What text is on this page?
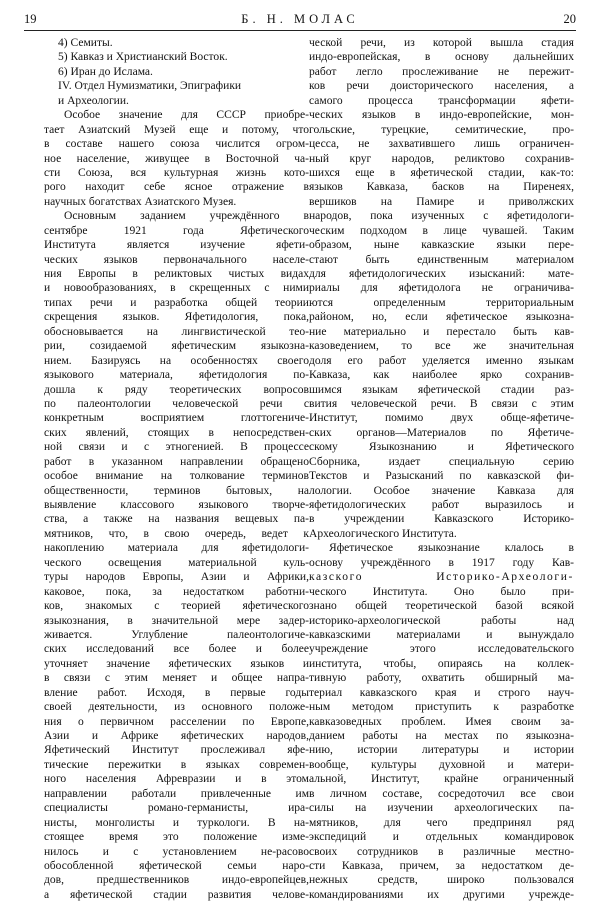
19	Б. Н. МОЛАС	20
4) Семиты.
5) Кавказ и Христианский Восток.
6) Иран до Ислама.
IV. Отдел Нумизматики, Эпиграфики
и Археологии.
Особое значение для СССР приобре-
тает Азиатский Музей еще и потому, что
в составе нашего союза числится огром-
ное население, живущее в Восточной ча-
сти Союза, вся культурная жизнь кото-
рого находит себе ясное отражение в
научных богатствах Азиатского Музея.
Основным заданием учреждённого в
сентябре 1921 года Яфетического
Института является изучение яфети-
ческих языков первоначального населе-
ния Европы в реликтовых чистых видах
и новообразованиях, в скрещенных с ними
типах речи и разработка общей теории
скрещения языков. Яфетидология, пока,
обосновывается на лингвистической тео-
рии, созидаемой яфетическим языкозна-
нием. Базируясь на особенностях своего
языкового материала, яфетидология по-
дошла к ряду теоретических вопросов
по палеонтологии человеческой речи с
конкретным восприятием глоттогениче-
ских явлений, стоящих в непосредствен-
ной связи и с этногенией. В процессе
работ в указанном направлении обращено
особое внимание на толкование терминов
общественности, терминов бытовых, на
выявление классового языкового творче-
ства, а также на названия вещевых па-
мятников, что, в свою очередь, ведет к
накоплению материала для яфетидологи-
ческого освещения материальной куль-
туры народов Европы, Азии и Африки,
каковое, пока, за недостатком работни-
ков, знакомых с теорией яфетического
языкознания, в значительной мере задер-
живается. Углубление палеонтологиче-
ских исследований все более и более
уточняет значение яфетических языков и
в связи с этим меняет и общее напра-
вление работ. Исходя, в первые годы
своей деятельности, из основного положе-
ния о первичном расселении по Европе,
Азии и Африке яфетических народов,
Яфетический Институт прослеживал яфе-
тические пережитки в языках современ-
ного населения Афревразии и в этом
направлении работали привлеченные им
специалисты романо-германисты, ира-
нисты, монголисты и туркологи. В на-
стоящее время это положение изме-
нилось и с установлением не-расово
обособленной яфетической семьи наро-
дов, предшественников индо-европейцев,
а яфетической стадии развития челове-
ческой речи, из которой вышла стадия
индо-европейская, в основу дальнейших
работ легло прослеживание не пережит-
ков речи доисторического населения, а
самого процесса трансформации яфети-
ческих языков в индо-европейские, мон-
гольские, турецкие, семитические, про-
цесса, не захватившего лишь ограничен-
ный круг народов, реликтово сохранив-
шихся еще в яфетической стадии, как-то:
языков Кавказа, басков на Пиренеях,
вершиков на Памире и приволжских
народов, пока изученных с яфетидологи-
ческим подходом в лице чувашей. Таким
образом, ныне кавказские языки пере-
стают быть единственным материалом
для яфетидологических изысканий: мате-
риалы для яфетидолога не ограничива-
ются определенным территориальным
районом, но, если яфетическое языкозна-
ние материально и перестало быть кав-
казоведением, то все же значительная
доля его работ уделяется именно языкам
Кавказа, как наиболее ярко сохранив-
шимся языкам яфетической стадии раз-
вития человеческой речи. В связи с этим
Институт, помимо двух обще-яфетиче-
ских органов—Материалов по Яфетиче-
скому Языкознанию и Яфетического
Сборника, издает специальную серию
Текстов и Разысканий по кавказской фи-
лологии. Особое значение Кавказа для
яфетидологических работ выразилось и
в учреждении Кавказского Историко-
Археологического Института.
Яфетическое языкознание клалось в
основу учреждённого в 1917 году Кав-
казского Историко-Археологи-
ческого Института. Оно было при-
знано общей теоретической базой всякой
историко-археологической работы над
кавказскими материалами и вынуждало
учреждение этого исследовательского
института, чтобы, опираясь на коллек-
тивную работу, охватить обширный ма-
териал кавказского края и строго науч-
ным методом приступить к разработке
кавказоведных проблем. Имея своим за-
данием работы на местах по языкозна-
нию, истории литературы и истории
вообще, культуры духовной и матери-
альной, Институт, крайне ограниченный
в личном составе, сосредоточил все свои
силы на изучении археологических па-
мятников, для чего предпринял ряд
экспедиций и отдельных командировок
своих сотрудников в различные местно-
сти Кавказа, причем, за недостатком де-
нежных средств, широко пользовался
командированиями их другими учрежде-
